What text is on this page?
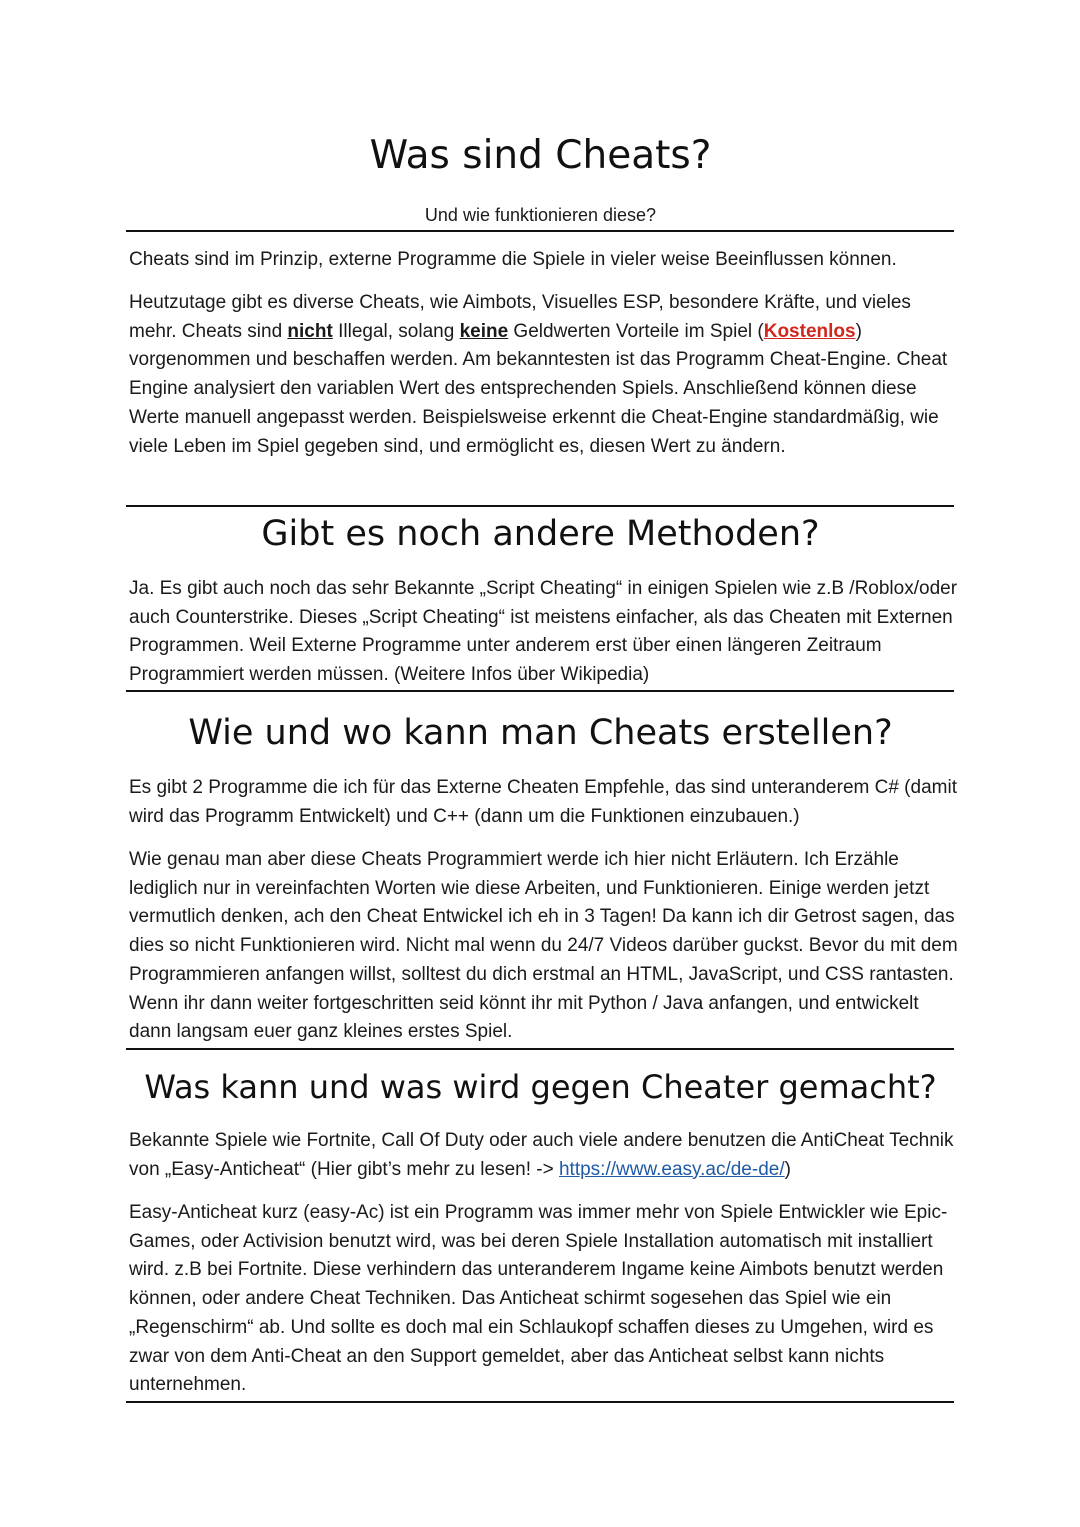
Was sind Cheats?
Und wie funktionieren diese?

Cheats sind im Prinzip, externe Programme die Spiele in vieler weise Beeinflussen können.

Heutzutage gibt es diverse Cheats, wie Aimbots, Visuelles ESP, besondere Kräfte, und vieles mehr. Cheats sind nicht Illegal, solang keine Geldwerten Vorteile im Spiel (Kostenlos) vorgenommen und beschaffen werden. Am bekanntesten ist das Programm Cheat-Engine. Cheat Engine analysiert den variablen Wert des entsprechenden Spiels. Anschließend können diese Werte manuell angepasst werden. Beispielsweise erkennt die Cheat-Engine standardmäßig, wie viele Leben im Spiel gegeben sind, und ermöglicht es, diesen Wert zu ändern.

Gibt es noch andere Methoden?

Ja. Es gibt auch noch das sehr Bekannte „Script Cheating“ in einigen Spielen wie z.B /Roblox/oder auch Counterstrike. Dieses „Script Cheating“ ist meistens einfacher, als das Cheaten mit Externen Programmen. Weil Externe Programme unter anderem erst über einen längeren Zeitraum Programmiert werden müssen. (Weitere Infos über Wikipedia)

Wie und wo kann man Cheats erstellen?

Es gibt 2 Programme die ich für das Externe Cheaten Empfehle, das sind unteranderem C# (damit wird das Programm Entwickelt) und C++ (dann um die Funktionen einzubauen.)

Wie genau man aber diese Cheats Programmiert werde ich hier nicht Erläutern. Ich Erzähle lediglich nur in vereinfachten Worten wie diese Arbeiten, und Funktionieren. Einige werden jetzt vermutlich denken, ach den Cheat Entwickel ich eh in 3 Tagen! Da kann ich dir Getrost sagen, das dies so nicht Funktionieren wird. Nicht mal wenn du 24/7 Videos darüber guckst. Bevor du mit dem Programmieren anfangen willst, solltest du dich erstmal an HTML, JavaScript, und CSS rantasten. Wenn ihr dann weiter fortgeschritten seid könnt ihr mit Python / Java anfangen, und entwickelt dann langsam euer ganz kleines erstes Spiel.

Was kann und was wird gegen Cheater gemacht?

Bekannte Spiele wie Fortnite, Call Of Duty oder auch viele andere benutzen die AntiCheat Technik von „Easy-Anticheat“ (Hier gibt’s mehr zu lesen! -> https://www.easy.ac/de-de/)

Easy-Anticheat kurz (easy-Ac) ist ein Programm was immer mehr von Spiele Entwickler wie Epic-Games, oder Activision benutzt wird, was bei deren Spiele Installation automatisch mit installiert wird. z.B bei Fortnite. Diese verhindern das unteranderem Ingame keine Aimbots benutzt werden können, oder andere Cheat Techniken. Das Anticheat schirmt sogesehen das Spiel wie ein „Regenschirm“ ab. Und sollte es doch mal ein Schlaukopf schaffen dieses zu Umgehen, wird es zwar von dem Anti-Cheat an den Support gemeldet, aber das Anticheat selbst kann nichts unternehmen.
